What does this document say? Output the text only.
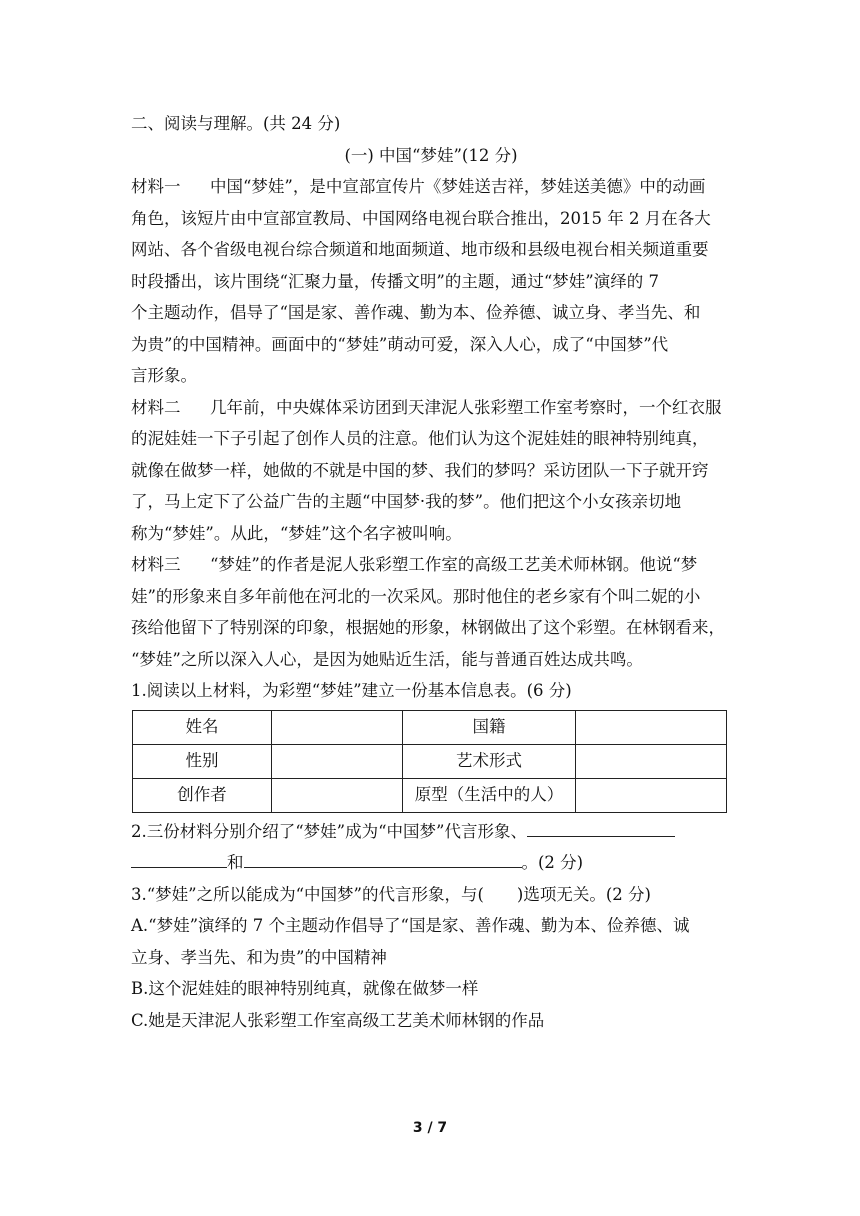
二、阅读与理解。(共 24 分)
(一) 中国“梦娃”(12 分)
材料一 中国“梦娃”，是中宣部宣传片《梦娃送吉祥，梦娃送美德》中的动画
角色，该短片由中宣部宣教局、中国网络电视台联合推出，2015 年 2 月在各大
网站、各个省级电视台综合频道和地面频道、地市级和县级电视台相关频道重要
时段播出，该片围绕“汇聚力量，传播文明”的主题，通过“梦娃”演绎的 7
个主题动作，倡导了“国是家、善作魂、勤为本、俭养德、诚立身、孝当先、和
为贵”的中国精神。画面中的“梦娃”萌动可爱，深入人心，成了“中国梦”代
言形象。
材料二 几年前，中央媒体采访团到天津泥人张彩塑工作室考察时，一个红衣服
的泥娃娃一下子引起了创作人员的注意。他们认为这个泥娃娃的眼神特别纯真，
就像在做梦一样，她做的不就是中国的梦、我们的梦吗？采访团队一下子就开窍
了，马上定下了公益广告的主题“中国梦·我的梦”。他们把这个小女孩亲切地
称为“梦娃”。从此，“梦娃”这个名字被叫响。
材料三 “梦娃”的作者是泥人张彩塑工作室的高级工艺美术师林钢。他说“梦
娃”的形象来自多年前他在河北的一次采风。那时他住的老乡家有个叫二妮的小
孩给他留下了特别深的印象，根据她的形象，林钢做出了这个彩塑。在林钢看来，
“梦娃”之所以深入人心，是因为她贴近生活，能与普通百姓达成共鸣。
1.阅读以上材料，为彩塑“梦娃”建立一份基本信息表。(6 分)
姓名		国籍	
性别		艺术形式	
创作者		原型（生活中的人）	
2.三份材料分别介绍了“梦娃”成为“中国梦”代言形象、
和	。(2 分)
3.“梦娃”之所以能成为“中国梦”的代言形象，与(　　)选项无关。(2 分)
A.“梦娃”演绎的 7 个主题动作倡导了“国是家、善作魂、勤为本、俭养德、诚
立身、孝当先、和为贵”的中国精神
B.这个泥娃娃的眼神特别纯真，就像在做梦一样
C.她是天津泥人张彩塑工作室高级工艺美术师林钢的作品
3 / 7
